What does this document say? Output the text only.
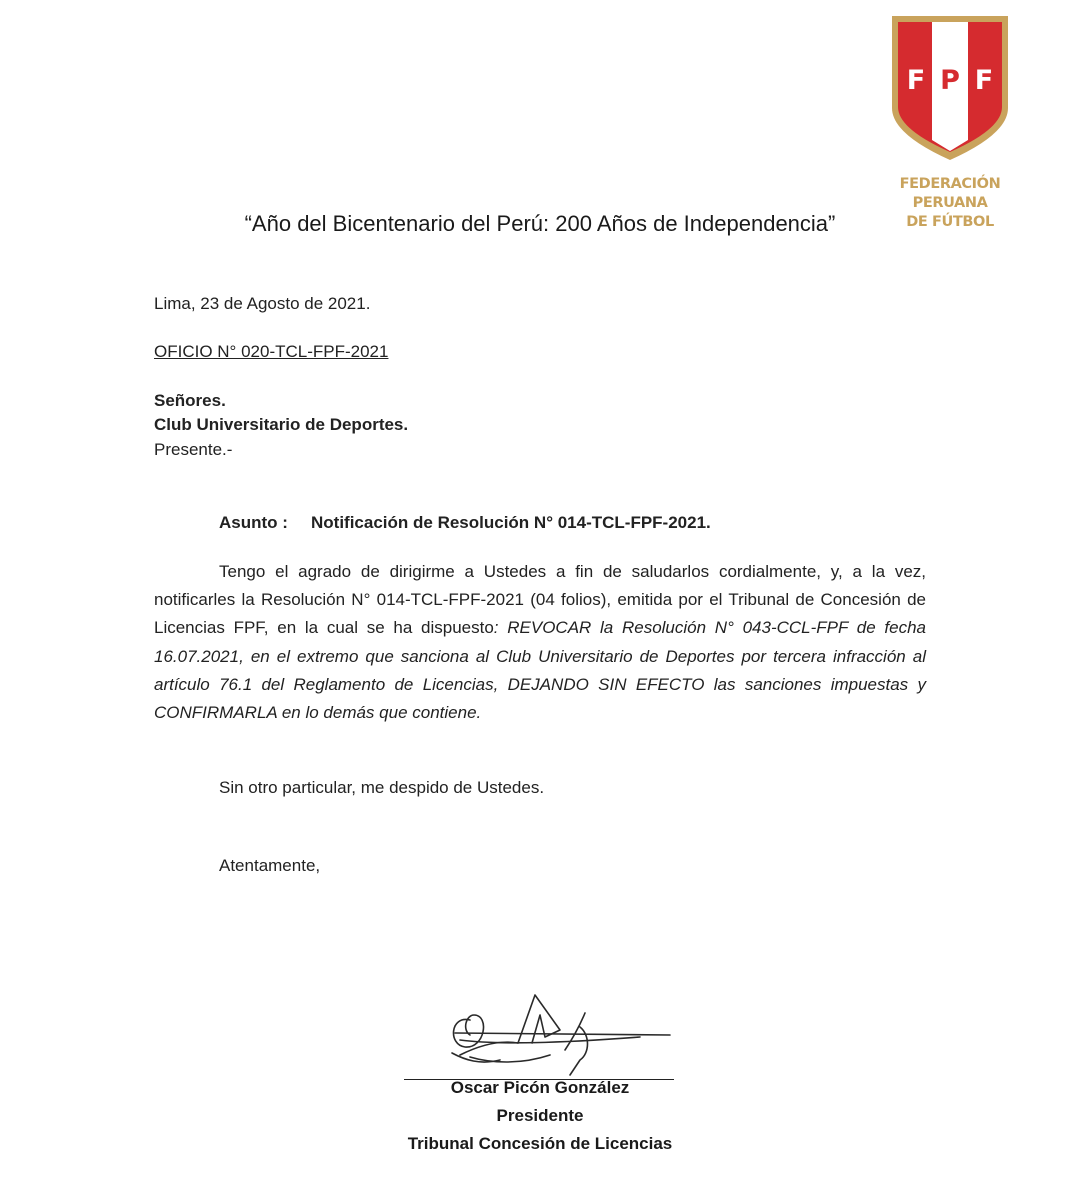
F P F
FEDERACIÓN PERUANA
DE FÚTBOL
“Año del Bicentenario del Perú: 200 Años de Independencia”
Lima, 23 de Agosto de 2021.
OFICIO N° 020-TCL-FPF-2021
Señores.
Club Universitario de Deportes.
Presente.-
Asunto : Notificación de Resolución N° 014-TCL-FPF-2021.
Tengo el agrado de dirigirme a Ustedes a fin de saludarlos cordialmente, y, a la vez, notificarles la Resolución N° 014-TCL-FPF-2021 (04 folios), emitida por el Tribunal de Concesión de Licencias FPF, en la cual se ha dispuesto: REVOCAR la Resolución N° 043-CCL-FPF de fecha 16.07.2021, en el extremo que sanciona al Club Universitario de Deportes por tercera infracción al artículo 76.1 del Reglamento de Licencias, DEJANDO SIN EFECTO las sanciones impuestas y CONFIRMARLA en lo demás que contiene.
Sin otro particular, me despido de Ustedes.
Atentamente,
Oscar Picón González
Presidente
Tribunal Concesión de Licencias
